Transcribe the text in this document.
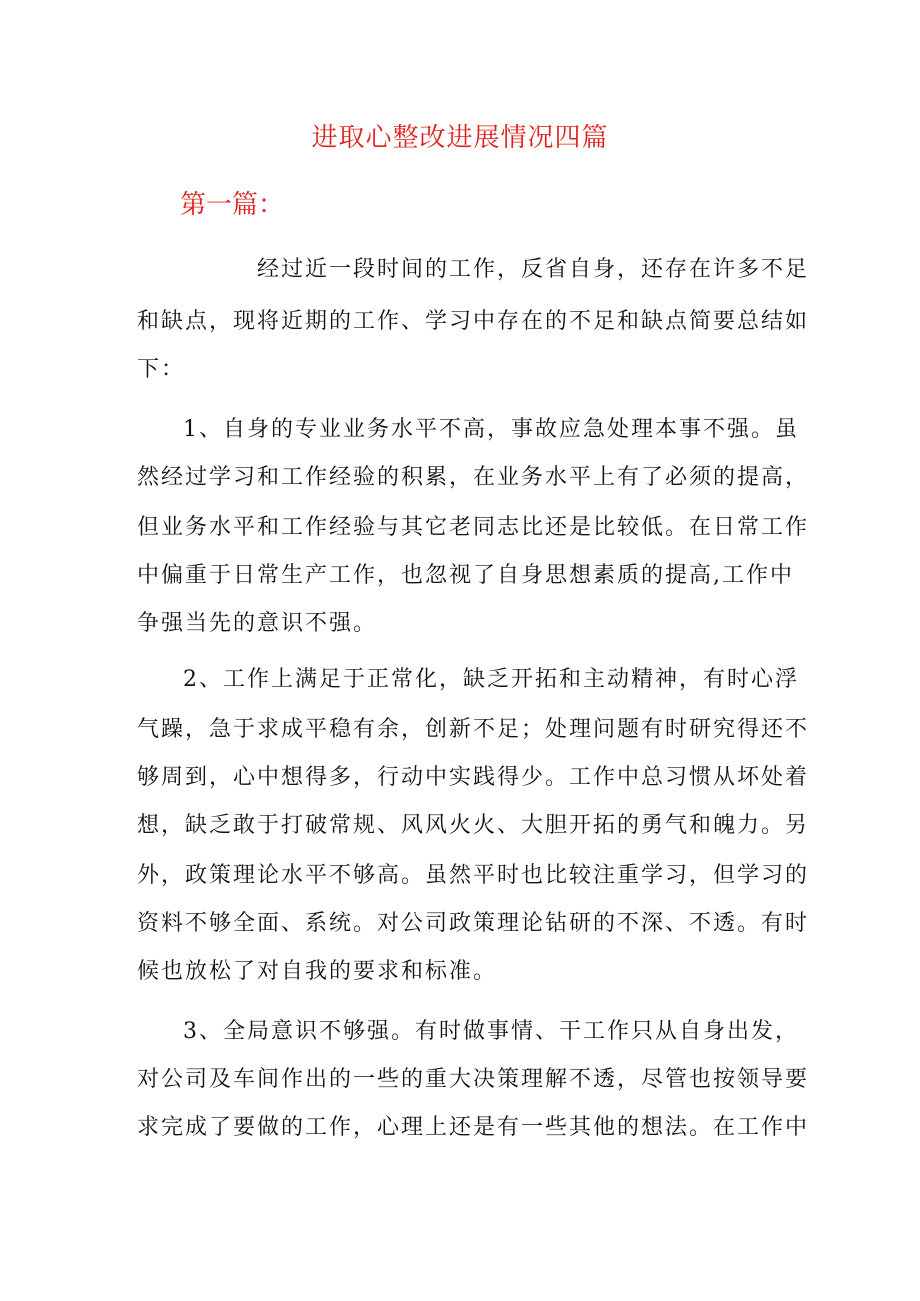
进取心整改进展情况四篇
第一篇：
经过近一段时间的工作，反省自身，还存在许多不足
和缺点，现将近期的工作、学习中存在的不足和缺点简要总结如
下：
1、自身的专业业务水平不高，事故应急处理本事不强。虽
然经过学习和工作经验的积累，在业务水平上有了必须的提高，
但业务水平和工作经验与其它老同志比还是比较低。在日常工作
中偏重于日常生产工作，也忽视了自身思想素质的提高,工作中
争强当先的意识不强。
2、工作上满足于正常化，缺乏开拓和主动精神，有时心浮
气躁，急于求成平稳有余，创新不足；处理问题有时研究得还不
够周到，心中想得多，行动中实践得少。工作中总习惯从坏处着
想，缺乏敢于打破常规、风风火火、大胆开拓的勇气和魄力。另
外，政策理论水平不够高。虽然平时也比较注重学习，但学习的
资料不够全面、系统。对公司政策理论钻研的不深、不透。有时
候也放松了对自我的要求和标准。
3、全局意识不够强。有时做事情、干工作只从自身出发，
对公司及车间作出的一些的重大决策理解不透，尽管也按领导要
求完成了要做的工作，心理上还是有一些其他的想法。在工作中
